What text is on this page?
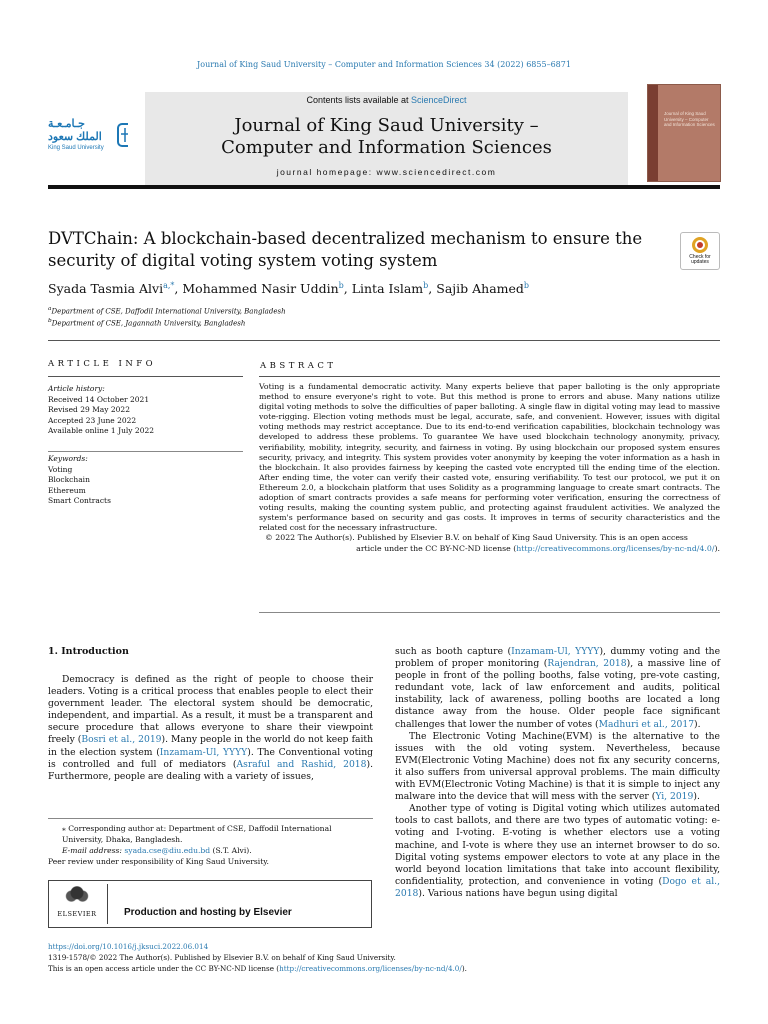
Journal of King Saud University – Computer and Information Sciences 34 (2022) 6855–6871
جـامـعـة الملك سعود
King Saud University
Contents lists available at ScienceDirect
Journal of King Saud University –
Computer and Information Sciences
journal homepage: www.sciencedirect.com
Journal of King Saud University – Computer and Information Sciences
DVTChain: A blockchain-based decentralized mechanism to ensure the security of digital voting system voting system	Check for updates
Syada Tasmia Alvi$^{a,*}$, Mohammed Nasir Uddin$^b$, Linta Islam$^b$, Sajib Ahamed$^b$
$^a$Department of CSE, Daffodil International University, Bangladesh
$^b$Department of CSE, Jagannath University, Bangladesh
ARTICLE INFO	ABSTRACT
Article history:
Received 14 October 2021
Revised 29 May 2022
Accepted 23 June 2022
Available online 1 July 2022
Keywords:
Voting
Blockchain
Ethereum
Smart Contracts
Voting is a fundamental democratic activity. Many experts believe that paper balloting is the only appropriate method to ensure everyone's right to vote. But this method is prone to errors and abuse. Many nations utilize digital voting methods to solve the difficulties of paper balloting. A single flaw in digital voting may lead to massive vote-rigging. Election voting methods must be legal, accurate, safe, and convenient. However, issues with digital voting methods may restrict acceptance. Due to its end-to-end verification capabilities, blockchain technology was developed to address these problems. To guarantee We have used blockchain technology anonymity, privacy, verifiability, mobility, integrity, security, and fairness in voting. By using blockchain our proposed system ensures security, privacy, and integrity. This system provides voter anonymity by keeping the voter information as a hash in the blockchain. It also provides fairness by keeping the casted vote encrypted till the ending time of the election. After ending time, the voter can verify their casted vote, ensuring verifiability. To test our protocol, we put it on Ethereum 2.0, a blockchain platform that uses Solidity as a programming language to create smart contracts. The adoption of smart contracts provides a safe means for performing voter verification, ensuring the correctness of voting results, making the counting system public, and protecting against fraudulent activities. We analyzed the system's performance based on security and gas costs. It improves in terms of security characteristics and the related cost for the necessary infrastructure.
© 2022 The Author(s). Published by Elsevier B.V. on behalf of King Saud University. This is an open access
article under the CC BY-NC-ND license (http://creativecommons.org/licenses/by-nc-nd/4.0/).
1. Introduction

Democracy is defined as the right of people to choose their leaders. Voting is a critical process that enables people to elect their government leader. The electoral system should be democratic, independent, and impartial. As a result, it must be a transparent and secure procedure that allows everyone to share their viewpoint freely (Bosri et al., 2019). Many people in the world do not keep faith in the election system (Inzamam-Ul, YYYY). The Conventional voting is controlled and full of mediators (Asraful and Rashid, 2018). Furthermore, people are dealing with a variety of issues,

such as booth capture (Inzamam-Ul, YYYY), dummy voting and the problem of proper monitoring (Rajendran, 2018), a massive line of people in front of the polling booths, false voting, pre-vote casting, redundant vote, lack of law enforcement and audits, political instability, lack of awareness, polling booths are located a long distance away from the house. Older people face significant challenges that lower the number of votes (Madhuri et al., 2017).

The Electronic Voting Machine(EVM) is the alternative to the issues with the old voting system. Nevertheless, because EVM(Electronic Voting Machine) does not fix any security concerns, it also suffers from universal approval problems. The main difficulty with EVM(Electronic Voting Machine) is that it is simple to inject any malware into the device that will mess with the server (Yi, 2019).

Another type of voting is Digital voting which utilizes automated tools to cast ballots, and there are two types of automatic voting: e-voting and I-voting. E-voting is whether electors use a voting machine, and I-vote is where they use an internet browser to do so. Digital voting systems empower electors to vote at any place in the world beyond location limitations that take into account flexibility, confidentiality, protection, and convenience in voting (Dogo et al., 2018). Various nations have begun using digital

⁎ Corresponding author at: Department of CSE, Daffodil International University, Dhaka, Bangladesh.

E-mail address: syada.cse@diu.edu.bd (S.T. Alvi).

Peer review under responsibility of King Saud University.

ELSEVIER	Production and hosting by Elsevier
https://doi.org/10.1016/j.jksuci.2022.06.014
1319-1578/© 2022 The Author(s). Published by Elsevier B.V. on behalf of King Saud University.
This is an open access article under the CC BY-NC-ND license (http://creativecommons.org/licenses/by-nc-nd/4.0/).
